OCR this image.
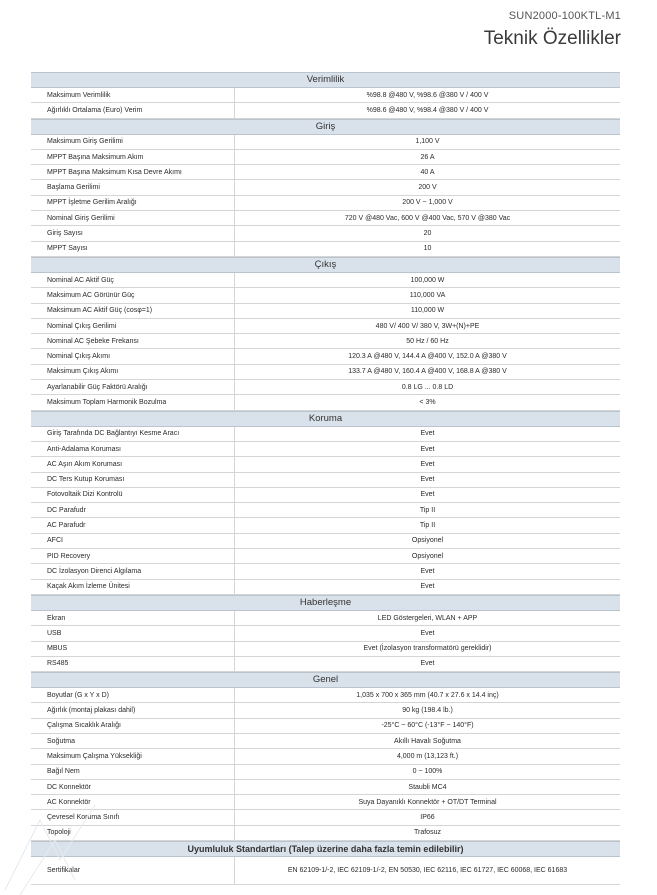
SUN2000-100KTL-M1
Teknik Özellikler
Verimlilik
Maksimum Verimlilik	%98.8 @480 V, %98.6 @380 V / 400 V
Ağırlıklı Ortalama (Euro) Verim	%98.6 @480 V, %98.4 @380 V / 400 V
Giriş
Maksimum Giriş Gerilimi	1,100 V
MPPT Başına Maksimum Akım	26 A
MPPT Başına Maksimum Kısa Devre Akımı	40 A
Başlama Gerilimi	200 V
MPPT İşletme Gerilim Aralığı	200 V ~ 1,000 V
Nominal Giriş Gerilimi	720 V @480 Vac, 600 V @400 Vac, 570 V @380 Vac
Giriş Sayısı	20
MPPT Sayısı	10
Çıkış
Nominal AC Aktif Güç	100,000 W
Maksimum AC Görünür Güç	110,000 VA
Maksimum AC Aktif Güç (cosφ=1)	110,000 W
Nominal Çıkış Gerilimi	480 V/ 400 V/ 380 V, 3W+(N)+PE
Nominal AC Şebeke Frekansı	50 Hz / 60 Hz
Nominal Çıkış Akımı	120.3 A @480 V, 144.4 A @400 V, 152.0 A @380 V
Maksimum Çıkış Akımı	133.7 A @480 V, 160.4 A @400 V, 168.8 A @380 V
Ayarlanabilir Güç Faktörü Aralığı	0.8 LG ... 0.8 LD
Maksimum Toplam Harmonik Bozulma	< 3%
Koruma
Giriş Tarafında DC Bağlantıyı Kesme Aracı	Evet
Anti-Adalama Koruması	Evet
AC Aşırı Akım Koruması	Evet
DC Ters Kutup Koruması	Evet
Fotovoltaik Dizi Kontrolü	Evet
DC Parafudr	Tip II
AC Parafudr	Tip II
AFCI	Opsiyonel
PID Recovery	Opsiyonel
DC İzolasyon Direnci Algılama	Evet
Kaçak Akım İzleme Ünitesi	Evet
Haberleşme
Ekran	LED Göstergeleri, WLAN + APP
USB	Evet
MBUS	Evet (İzolasyon transformatörü gereklidir)
RS485	Evet
Genel
Boyutlar (G x Y x D)	1,035 x 700 x 365 mm (40.7 x 27.6 x 14.4 inç)
Ağırlık (montaj plakası dahil)	90 kg (198.4 lb.)
Çalışma Sıcaklık Aralığı	-25°C ~ 60°C (-13°F ~ 140°F)
Soğutma	Akıllı Havalı Soğutma
Maksimum Çalışma Yüksekliği	4,000 m (13,123 ft.)
Bağıl Nem	0 ~ 100%
DC Konnektör	Staubli MC4
AC Konnektör	Suya Dayanıklı Konnektör + OT/DT Terminal
Çevresel Koruma Sınıfı	IP66
Topoloji	Trafosuz
Uyumluluk Standartları (Talep üzerine daha fazla temin edilebilir)
Sertifikalar	EN 62109-1/-2, IEC 62109-1/-2, EN 50530, IEC 62116, IEC 61727, IEC 60068, IEC 61683
